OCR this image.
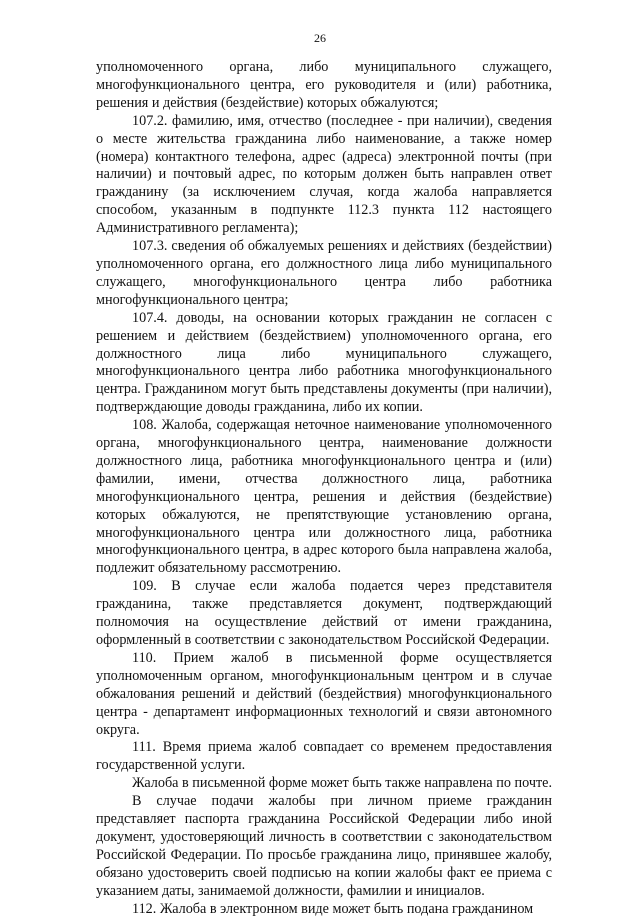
26

уполномоченного органа, либо муниципального служащего, многофункционального центра, его руководителя и (или) работника, решения и действия (бездействие) которых обжалуются;

107.2. фамилию, имя, отчество (последнее - при наличии), сведения о месте жительства гражданина либо наименование, а также номер (номера) контактного телефона, адрес (адреса) электронной почты (при наличии) и почтовый адрес, по которым должен быть направлен ответ гражданину (за исключением случая, когда жалоба направляется способом, указанным в подпункте 112.3 пункта 112 настоящего Административного регламента);

107.3. сведения об обжалуемых решениях и действиях (бездействии) уполномоченного органа, его должностного лица либо муниципального служащего, многофункционального центра либо работника многофункционального центра;

107.4. доводы, на основании которых гражданин не согласен с решением и действием (бездействием) уполномоченного органа, его должностного лица либо муниципального служащего, многофункционального центра либо работника многофункционального центра. Гражданином могут быть представлены документы (при наличии), подтверждающие доводы гражданина, либо их копии.

108. Жалоба, содержащая неточное наименование уполномоченного органа, многофункционального центра, наименование должности должностного лица, работника многофункционального центра и (или) фамилии, имени, отчества должностного лица, работника многофункционального центра, решения и действия (бездействие) которых обжалуются, не препятствующие установлению органа, многофункционального центра или должностного лица, работника многофункционального центра, в адрес которого была направлена жалоба, подлежит обязательному рассмотрению.

109. В случае если жалоба подается через представителя гражданина, также представляется документ, подтверждающий полномочия на осуществление действий от имени гражданина, оформленный в соответствии с законодательством Российской Федерации.

110. Прием жалоб в письменной форме осуществляется уполномоченным органом, многофункциональным центром и в случае обжалования решений и действий (бездействия) многофункционального центра - департамент информационных технологий и связи автономного округа.

111. Время приема жалоб совпадает со временем предоставления государственной услуги.

Жалоба в письменной форме может быть также направлена по почте.

В случае подачи жалобы при личном приеме гражданин представляет паспорта гражданина Российской Федерации либо иной документ, удостоверяющий личность в соответствии с законодательством Российской Федерации. По просьбе гражданина лицо, принявшее жалобу, обязано удостоверить своей подписью на копии жалобы факт ее приема с указанием даты, занимаемой должности, фамилии и инициалов.

112. Жалоба в электронном виде может быть подана гражданином
